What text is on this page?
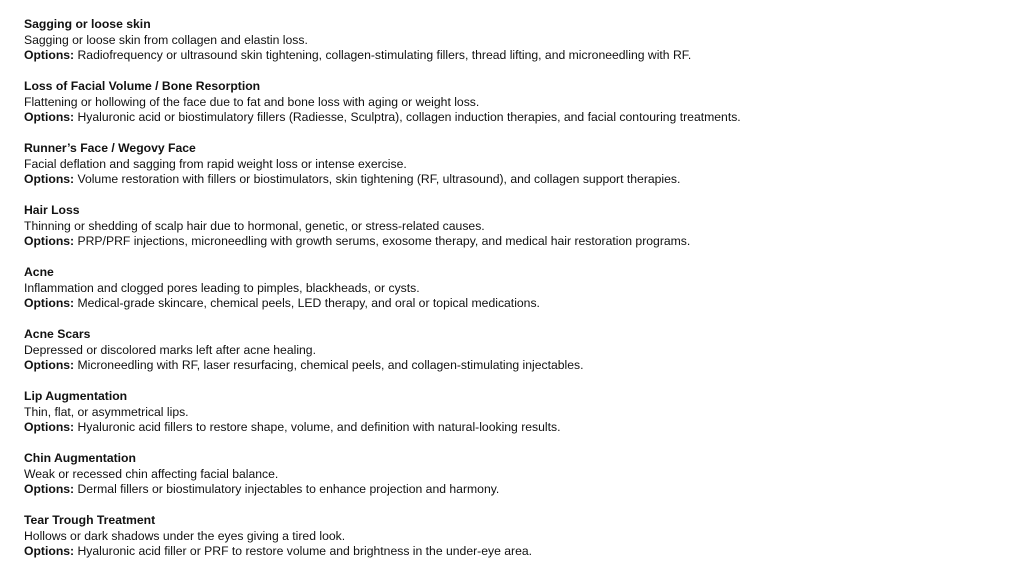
Sagging or loose skin
Sagging or loose skin from collagen and elastin loss.
Options: Radiofrequency or ultrasound skin tightening, collagen-stimulating fillers, thread lifting, and microneedling with RF.
Loss of Facial Volume / Bone Resorption
Flattening or hollowing of the face due to fat and bone loss with aging or weight loss.
Options: Hyaluronic acid or biostimulatory fillers (Radiesse, Sculptra), collagen induction therapies, and facial contouring treatments.
Runner’s Face / Wegovy Face
Facial deflation and sagging from rapid weight loss or intense exercise.
Options: Volume restoration with fillers or biostimulators, skin tightening (RF, ultrasound), and collagen support therapies.
Hair Loss
Thinning or shedding of scalp hair due to hormonal, genetic, or stress-related causes.
Options: PRP/PRF injections, microneedling with growth serums, exosome therapy, and medical hair restoration programs.
Acne
Inflammation and clogged pores leading to pimples, blackheads, or cysts.
Options: Medical-grade skincare, chemical peels, LED therapy, and oral or topical medications.
Acne Scars
Depressed or discolored marks left after acne healing.
Options: Microneedling with RF, laser resurfacing, chemical peels, and collagen-stimulating injectables.
Lip Augmentation
Thin, flat, or asymmetrical lips.
Options: Hyaluronic acid fillers to restore shape, volume, and definition with natural-looking results.
Chin Augmentation
Weak or recessed chin affecting facial balance.
Options: Dermal fillers or biostimulatory injectables to enhance projection and harmony.
Tear Trough Treatment
Hollows or dark shadows under the eyes giving a tired look.
Options: Hyaluronic acid filler or PRF to restore volume and brightness in the under-eye area.
